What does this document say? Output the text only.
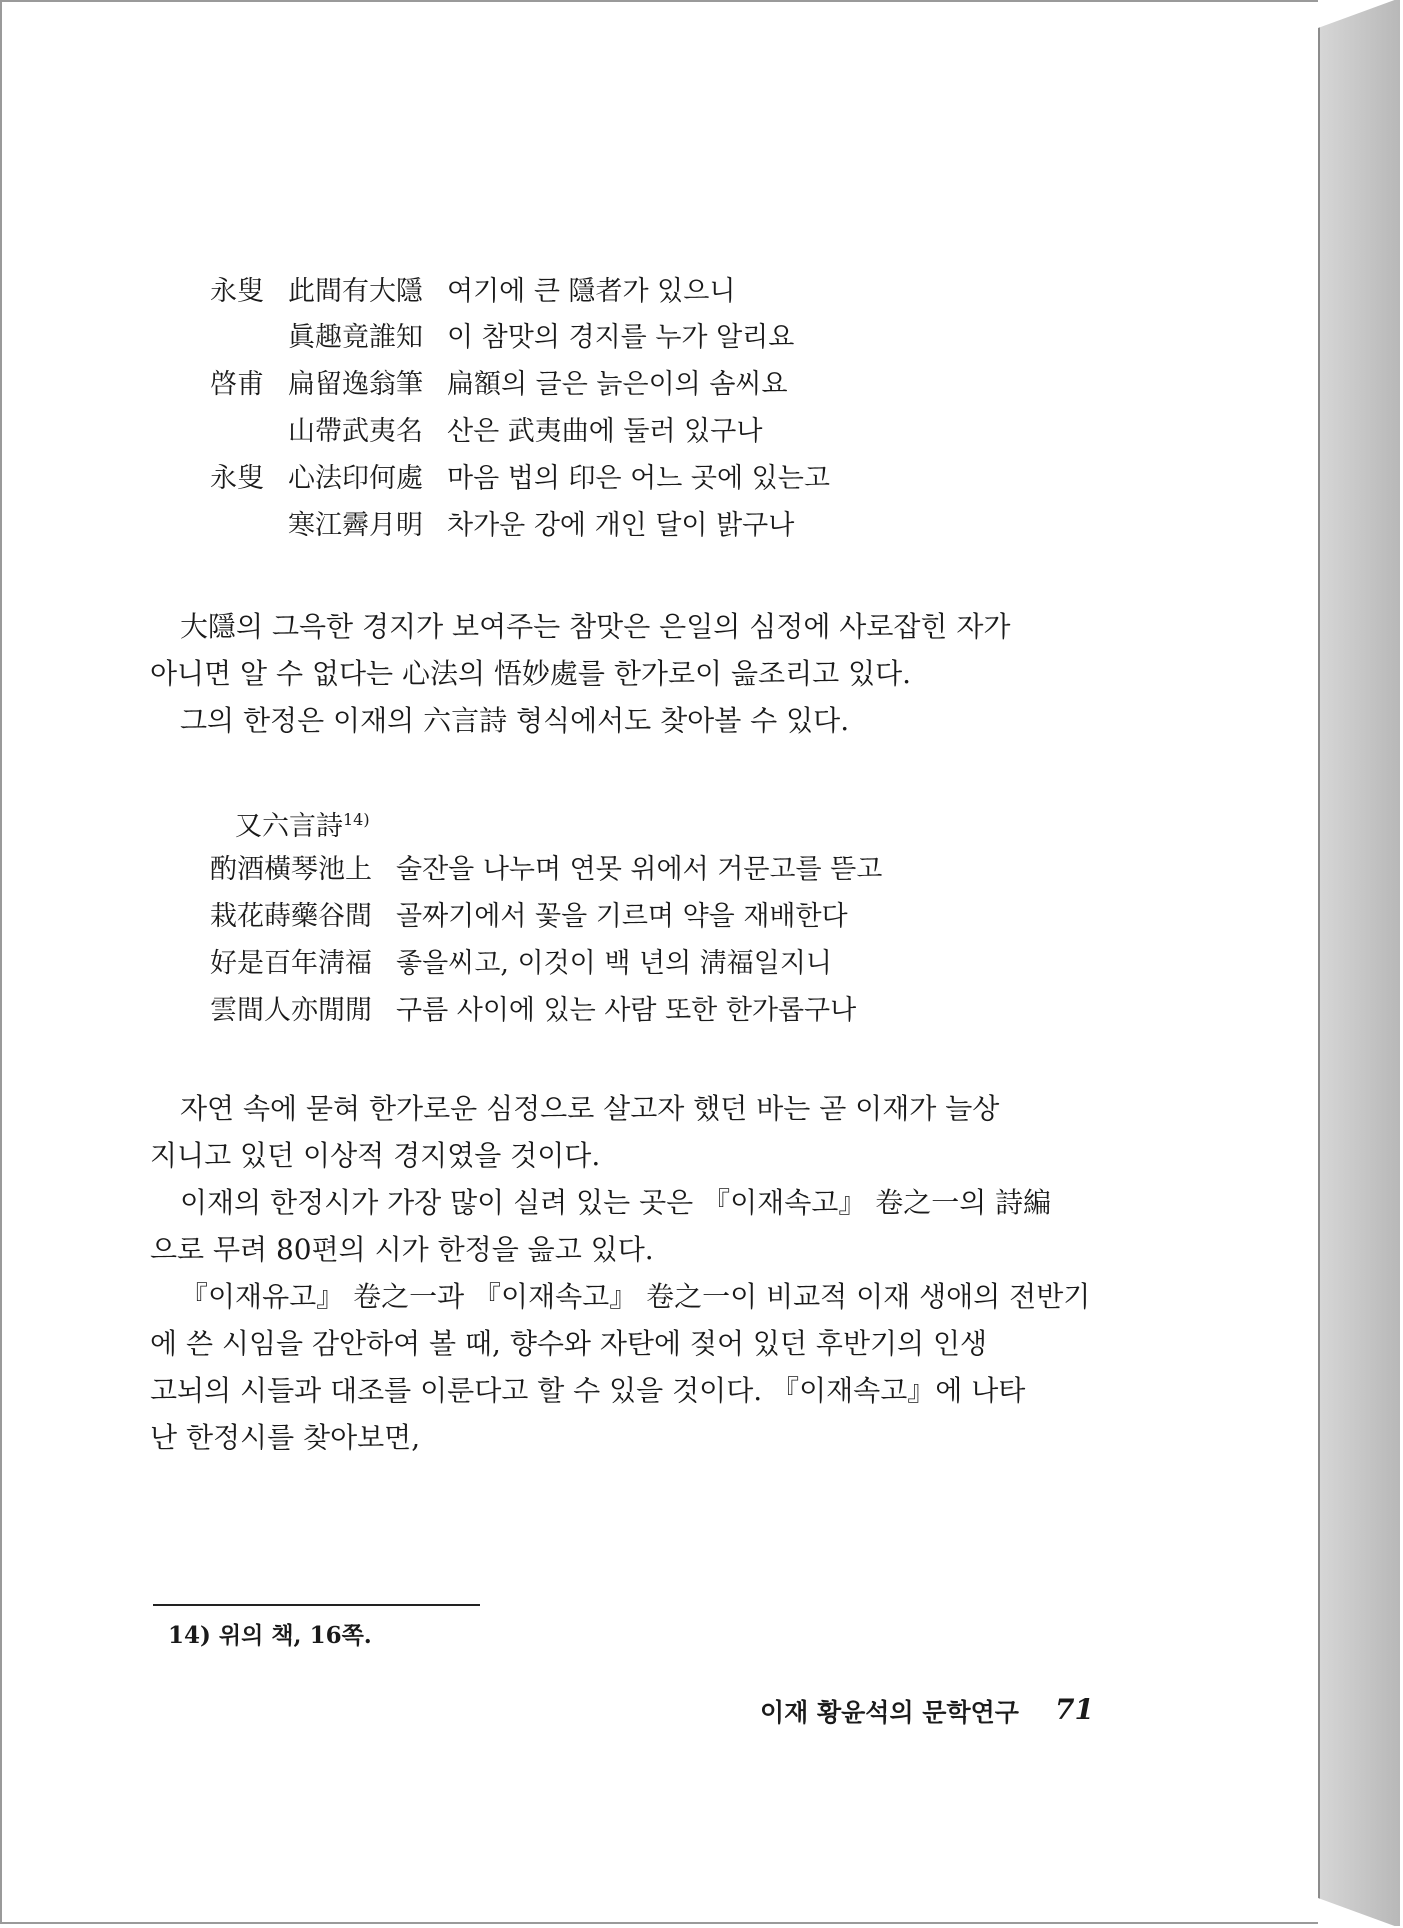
永叟 此間有大隱 여기에 큰 隱者가 있으니
眞趣竟誰知 이 참맛의 경지를 누가 알리요
啓甫 扁留逸翁筆 扁額의 글은 늙은이의 솜씨요
山帶武夷名 산은 武夷曲에 둘러 있구나
永叟 心法印何處 마음 법의 印은 어느 곳에 있는고
寒江霽月明 차가운 강에 개인 달이 밝구나
大隱의 그윽한 경지가 보여주는 참맛은 은일의 심정에 사로잡힌 자가
아니면 알 수 없다는 心法의 悟妙處를 한가로이 읊조리고 있다.
그의 한정은 이재의 六言詩 형식에서도 찾아볼 수 있다.
又六言詩$^{14)}$
酌酒橫琴池上 술잔을 나누며 연못 위에서 거문고를 뜯고
栽花蒔藥谷間 골짜기에서 꽃을 기르며 약을 재배한다
好是百年淸福 좋을씨고, 이것이 백 년의 淸福일지니
雲間人亦閒閒 구름 사이에 있는 사람 또한 한가롭구나
자연 속에 묻혀 한가로운 심정으로 살고자 했던 바는 곧 이재가 늘상
지니고 있던 이상적 경지였을 것이다.
이재의 한정시가 가장 많이 실려 있는 곳은 『이재속고』 卷之一의 詩編
으로 무려 80편의 시가 한정을 읊고 있다.
『이재유고』 卷之一과 『이재속고』 卷之一이 비교적 이재 생애의 전반기
에 쓴 시임을 감안하여 볼 때, 향수와 자탄에 젖어 있던 후반기의 인생
고뇌의 시들과 대조를 이룬다고 할 수 있을 것이다. 『이재속고』에 나타
난 한정시를 찾아보면,
14) 위의 책, 16쪽.
이재 황윤석의 문학연구 71
